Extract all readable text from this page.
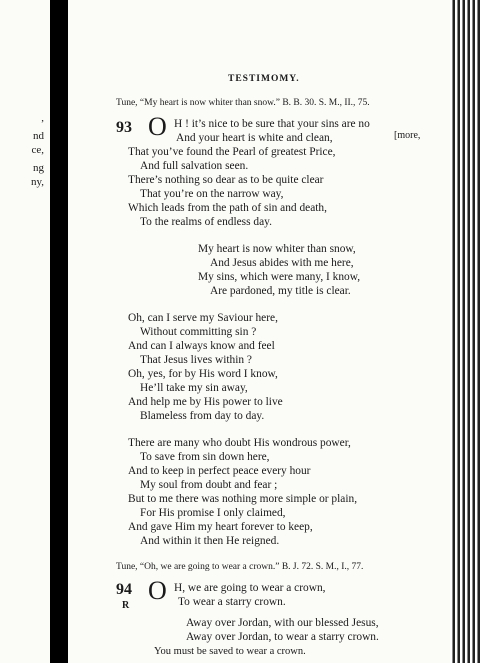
,
nd
ce,
ng
ny,
TESTIMOMY.
Tune, “My heart is now whiter than snow.” B. B. 30. S. M., II., 75.
93 O H ! it’s nice to be sure that your sins are no
And your heart is white and clean,	[more,
That you’ve found the Pearl of greatest Price,
And full salvation seen.
There’s nothing so dear as to be quite clear
That you’re on the narrow way,
Which leads from the path of sin and death,
To the realms of endless day.
My heart is now whiter than snow,
And Jesus abides with me here,
My sins, which were many, I know,
Are pardoned, my title is clear.
Oh, can I serve my Saviour here,
Without committing sin ?
And can I always know and feel
That Jesus lives within ?
Oh, yes, for by His word I know,
He’ll take my sin away,
And help me by His power to live
Blameless from day to day.
There are many who doubt His wondrous power,
To save from sin down here,
And to keep in perfect peace every hour
My soul from doubt and fear ;
But to me there was nothing more simple or plain,
For His promise I only claimed,
And gave Him my heart forever to keep,
And within it then He reigned.
Tune, “Oh, we are going to wear a crown.” B. J. 72. S. M., I., 77.
94
R
O H, we are going to wear a crown,
To wear a starry crown.
Away over Jordan, with our blessed Jesus,
Away over Jordan, to wear a starry crown.
You must be saved to wear a crown.
